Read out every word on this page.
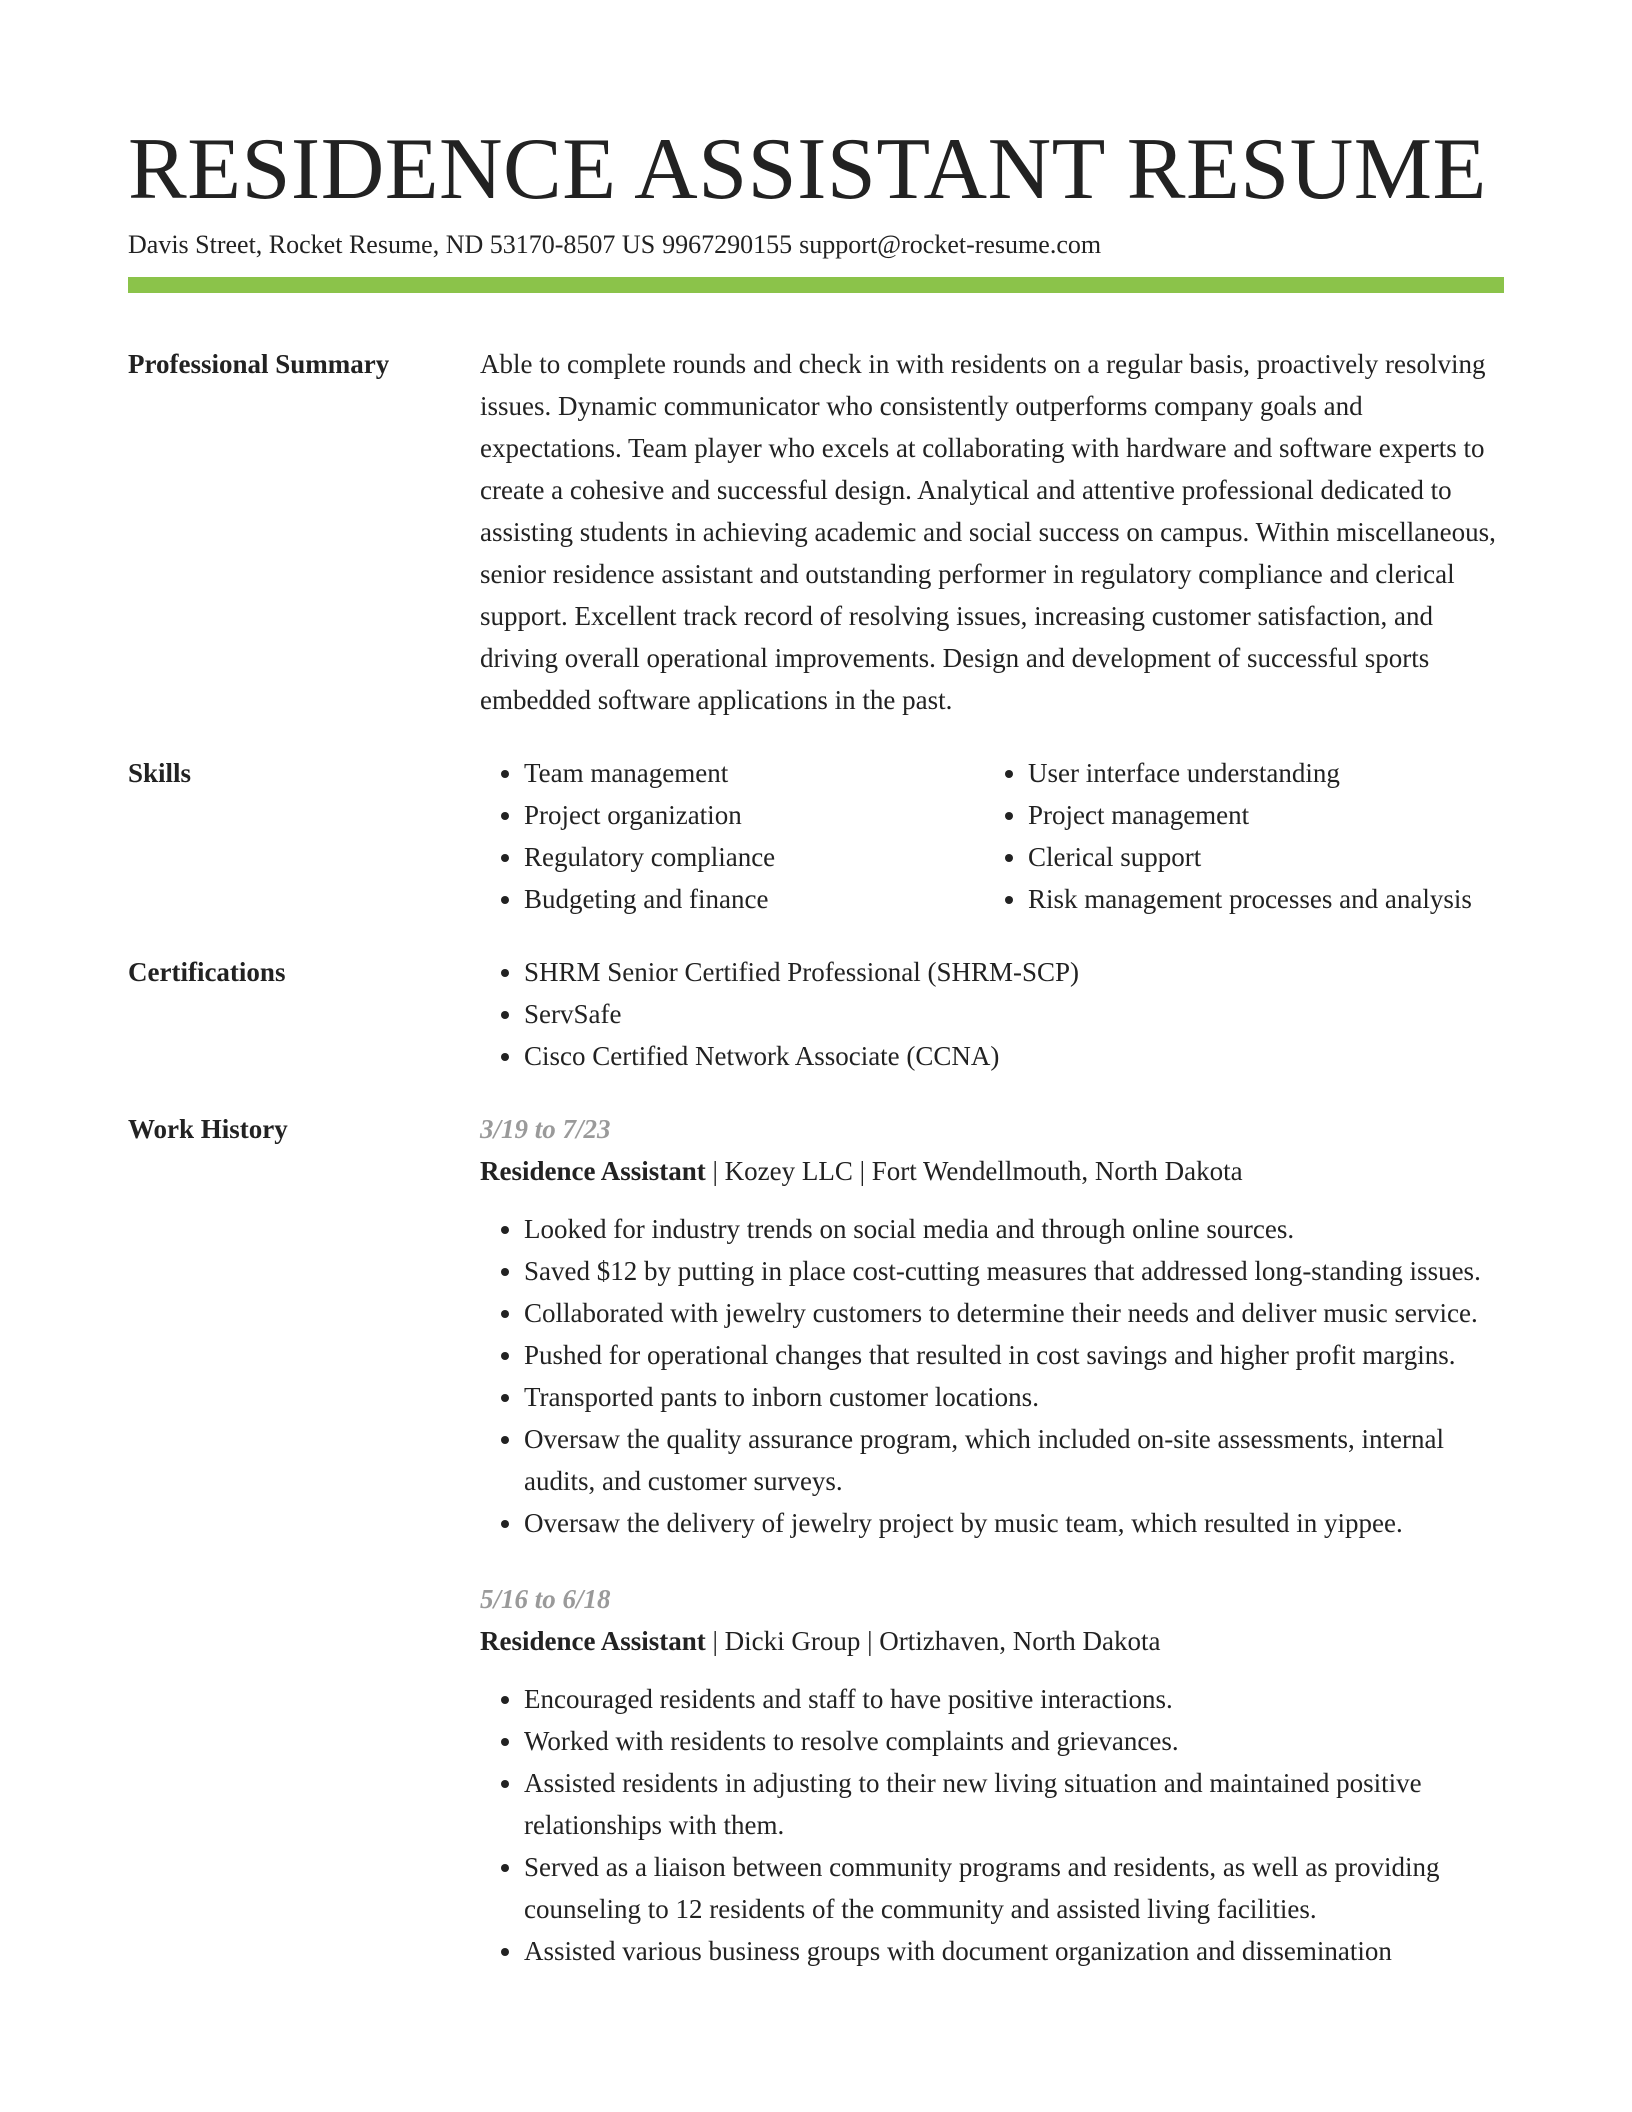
RESIDENCE ASSISTANT RESUME
Davis Street, Rocket Resume, ND 53170-8507 US 9967290155 support@rocket-resume.com
Professional Summary	Able to complete rounds and check in with residents on a regular basis, proactively resolving issues. Dynamic communicator who consistently outperforms company goals and expectations. Team player who excels at collaborating with hardware and software experts to create a cohesive and successful design. Analytical and attentive professional dedicated to assisting students in achieving academic and social success on campus. Within miscellaneous, senior residence assistant and outstanding performer in regulatory compliance and clerical support. Excellent track record of resolving issues, increasing customer satisfaction, and driving overall operational improvements. Design and development of successful sports embedded software applications in the past.

Skills	• Team management
• Project organization
• Regulatory compliance
• Budgeting and finance
• User interface understanding
• Project management
• Clerical support
• Risk management processes and analysis
Certifications	• SHRM Senior Certified Professional (SHRM-SCP)
• ServSafe
• Cisco Certified Network Associate (CCNA)
Work History	3/19 to 7/23
Residence Assistant | Kozey LLC | Fort Wendellmouth, North Dakota
• Looked for industry trends on social media and through online sources.
• Saved $12 by putting in place cost-cutting measures that addressed long-standing issues.
• Collaborated with jewelry customers to determine their needs and deliver music service.
• Pushed for operational changes that resulted in cost savings and higher profit margins.
• Transported pants to inborn customer locations.
• Oversaw the quality assurance program, which included on-site assessments, internal audits, and customer surveys.
• Oversaw the delivery of jewelry project by music team, which resulted in yippee.
5/16 to 6/18
Residence Assistant | Dicki Group | Ortizhaven, North Dakota
• Encouraged residents and staff to have positive interactions.
• Worked with residents to resolve complaints and grievances.
• Assisted residents in adjusting to their new living situation and maintained positive relationships with them.
• Served as a liaison between community programs and residents, as well as providing counseling to 12 residents of the community and assisted living facilities.
• Assisted various business groups with document organization and dissemination
